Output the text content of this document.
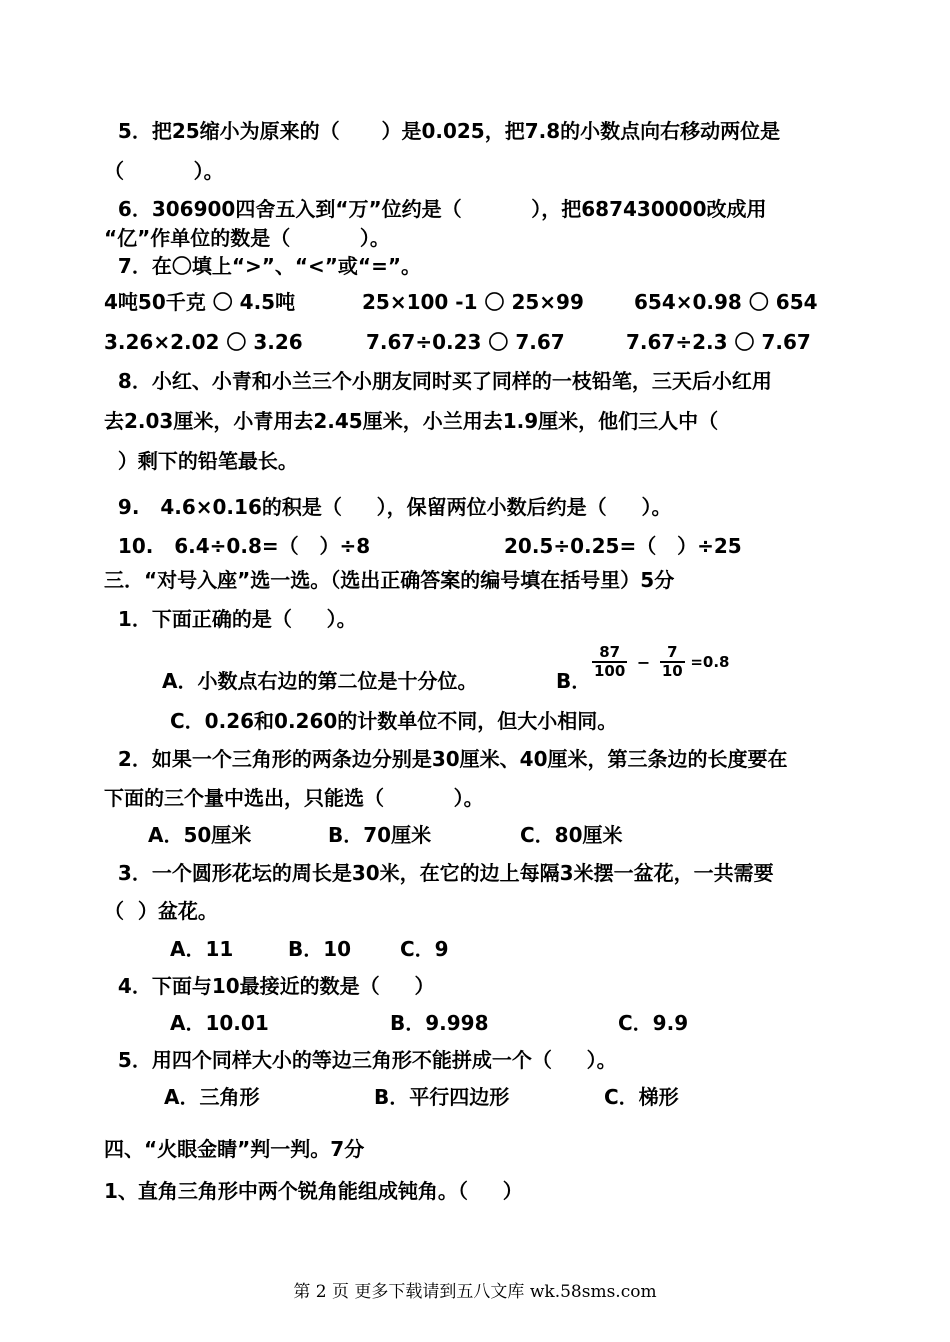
5．把25缩小为原来的（      ）是0.025，把7.8的小数点向右移动两位是
（          ）。
6．306900四舍五入到“万”位约是（          ），把687430000改成用
“亿”作单位的数是（          ）。
7．在〇填上“>”、“<”或“=”。
4吨50千克 〇 4.5吨	25×100 -1 〇 25×99	654×0.98 〇 654
3.26×2.02 〇 3.26	7.67÷0.23 〇 7.67	7.67÷2.3 〇 7.67
8．小红、小青和小兰三个小朋友同时买了同样的一枝铅笔，三天后小红用
去2.03厘米，小青用去2.45厘米，小兰用去1.9厘米，他们三人中（
）剩下的铅笔最长。
9.   4.6×0.16的积是（     ），保留两位小数后约是（     ）。
10.   6.4÷0.8=（   ）÷8	20.5÷0.25=（   ）÷25
三．“对号入座”选一选。（选出正确答案的编号填在括号里）5分
1．下面正确的是（     ）。
A．小数点右边的第二位是十分位。	B．
$\frac{87}{100} - \frac{7}{10} =0.8$
C．0.26和0.260的计数单位不同，但大小相同。
2．如果一个三角形的两条边分别是30厘米、40厘米，第三条边的长度要在
下面的三个量中选出，只能选（          ）。
A．50厘米	B．70厘米	C．80厘米
3．一个圆形花坛的周长是30米，在它的边上每隔3米摆一盆花，一共需要
（  ）盆花。
A．11	B．10 C．9
4．下面与10最接近的数是（     ）
A．10.01	B．9.998	C．9.9
5．用四个同样大小的等边三角形不能拼成一个（     ）。
A．三角形	B．平行四边形	C．梯形
四、“火眼金睛”判一判。7分
1、直角三角形中两个锐角能组成钝角。（     ）
第 2 页 更多下载请到五八文库 wk.58sms.com
